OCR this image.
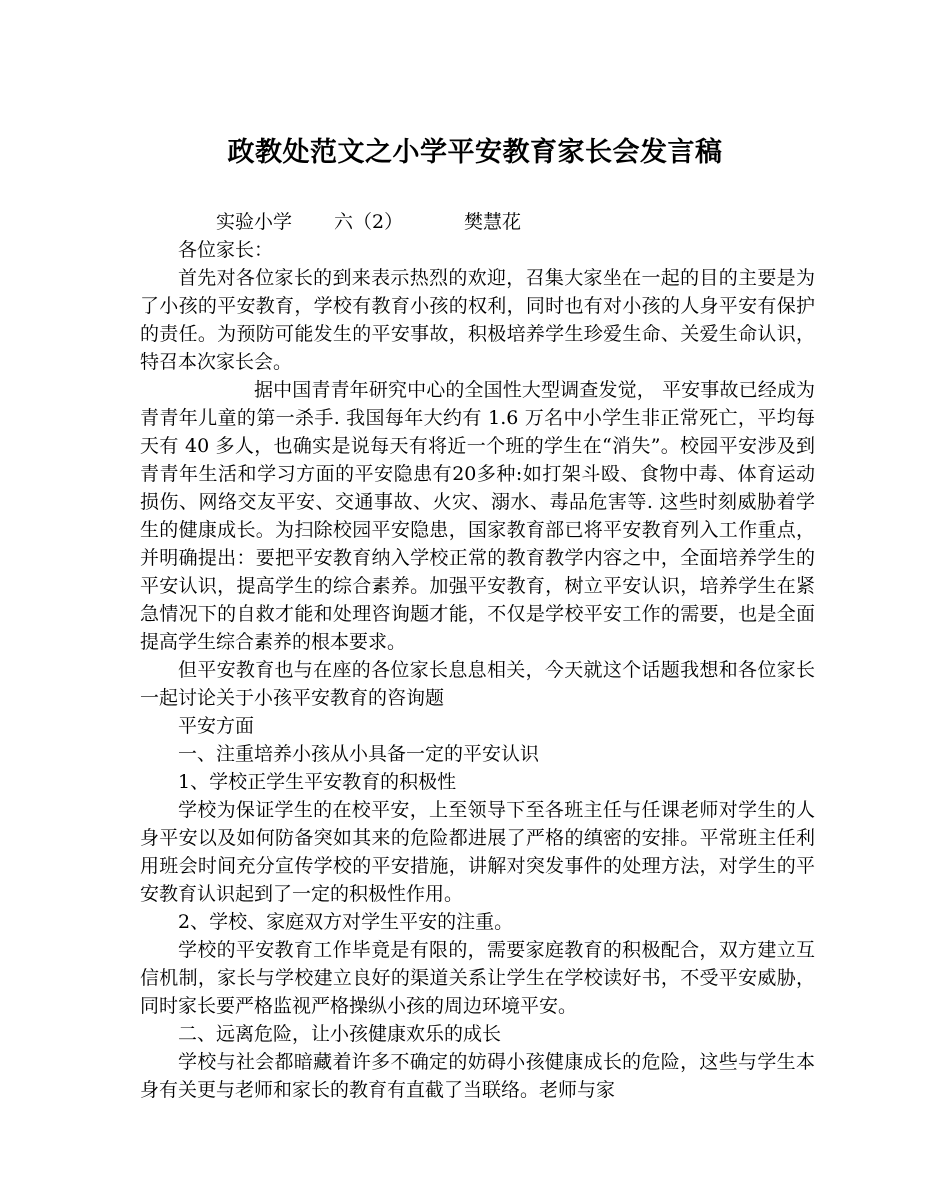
政教处范文之小学平安教育家长会发言稿

实验小学 六（2）	樊慧花

各位家长：

首先对各位家长的到来表示热烈的欢迎，召集大家坐在一起的目的主要是为了小孩的平安教育，学校有教育小孩的权利，同时也有对小孩的人身平安有保护的责任。为预防可能发生的平安事故，积极培养学生珍爱生命、关爱生命认识，特召本次家长会。

据中国青青年研究中心的全国性大型调查发觉， 平安事故已经成为青青年儿童的第一杀手. 我国每年大约有 1.6 万名中小学生非正常死亡，平均每天有 40 多人，也确实是说每天有将近一个班的学生在“消失”。校园平安涉及到青青年生活和学习方面的平安隐患有20多种:如打架斗殴、食物中毒、体育运动损伤、网络交友平安、交通事故、火灾、溺水、毒品危害等. 这些时刻威胁着学生的健康成长。为扫除校园平安隐患，国家教育部已将平安教育列入工作重点，并明确提出：要把平安教育纳入学校正常的教育教学内容之中，全面培养学生的平安认识，提高学生的综合素养。加强平安教育，树立平安认识，培养学生在紧急情况下的自救才能和处理咨询题才能，不仅是学校平安工作的需要，也是全面提高学生综合素养的根本要求。

但平安教育也与在座的各位家长息息相关，今天就这个话题我想和各位家长一起讨论关于小孩平安教育的咨询题

平安方面

一、注重培养小孩从小具备一定的平安认识

1、学校正学生平安教育的积极性

学校为保证学生的在校平安，上至领导下至各班主任与任课老师对学生的人身平安以及如何防备突如其来的危险都进展了严格的缜密的安排。平常班主任利用班会时间充分宣传学校的平安措施，讲解对突发事件的处理方法，对学生的平安教育认识起到了一定的积极性作用。

2、学校、家庭双方对学生平安的注重。

学校的平安教育工作毕竟是有限的，需要家庭教育的积极配合，双方建立互信机制，家长与学校建立良好的渠道关系让学生在学校读好书，不受平安威胁，同时家长要严格监视严格操纵小孩的周边环境平安。

二、远离危险，让小孩健康欢乐的成长

学校与社会都暗藏着许多不确定的妨碍小孩健康成长的危险，这些与学生本身有关更与老师和家长的教育有直截了当联络。老师与家
